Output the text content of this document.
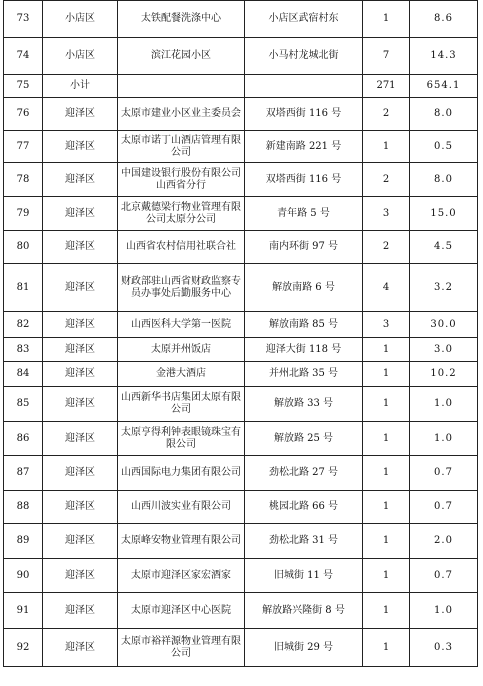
73	小店区	太铁配餐洗涤中心	小店区武宿村东	1	8.6
74	小店区	滨江花园小区	小马村龙城北街	7	14.3
75	小计			271	654.1
76	迎泽区	太原市建业小区业主委员会	双塔西街 116 号	2	8.0
77	迎泽区	太原市诺丁山酒店管理有限公司	新建南路 221 号	1	0.5
78	迎泽区	中国建设银行股份有限公司山西省分行	双塔西街 116 号	2	8.0
79	迎泽区	北京戴德梁行物业管理有限公司太原分公司	青年路 5 号	3	15.0
80	迎泽区	山西省农村信用社联合社	南内环街 97 号	2	4.5
81	迎泽区	财政部驻山西省财政监察专员办事处后勤服务中心	解放南路 6 号	4	3.2
82	迎泽区	山西医科大学第一医院	解放南路 85 号	3	30.0
83	迎泽区	太原并州饭店	迎泽大街 118 号	1	3.0
84	迎泽区	金港大酒店	并州北路 35 号	1	10.2
85	迎泽区	山西新华书店集团太原有限公司	解放路 33 号	1	1.0
86	迎泽区	太原亨得利钟表眼镜珠宝有限公司	解放路 25 号	1	1.0
87	迎泽区	山西国际电力集团有限公司	劲松北路 27 号	1	0.7
88	迎泽区	山西川波实业有限公司	桃园北路 66 号	1	0.7
89	迎泽区	太原峰安物业管理有限公司	劲松北路 31 号	1	2.0
90	迎泽区	太原市迎泽区家宏酒家	旧城街 11 号	1	0.7
91	迎泽区	太原市迎泽区中心医院	解放路兴隆街 8 号	1	1.0
92	迎泽区	太原市裕祥源物业管理有限公司	旧城街 29 号	1	0.3
